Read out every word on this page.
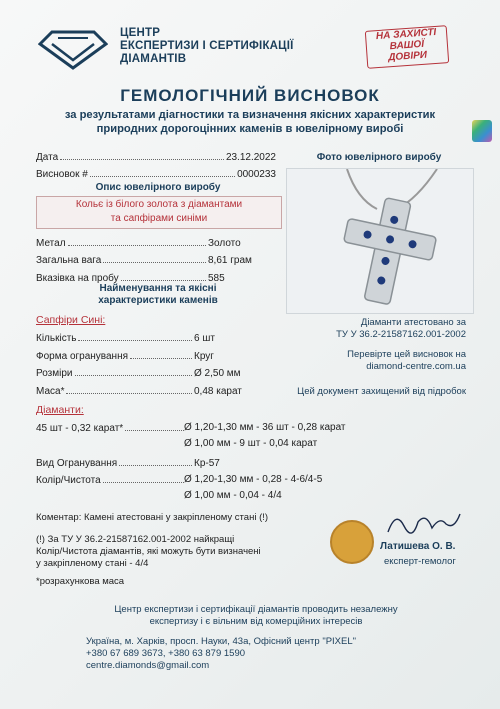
ЦЕНТР
ЕКСПЕРТИЗИ І СЕРТИФІКАЦІЇ
ДІАМАНТІВ
НА ЗАХИСТІ
ВАШОЇ
ДОВІРИ
ГЕМОЛОГІЧНИЙ ВИСНОВОК
за результатами діагностики та визначення якісних характеристик
природних дорогоцінних каменів в ювелірному виробі
Дата	23.12.2022
Висновок #	0000233
Опис ювелірного виробу
Кольє із білого золота з діамантами
та сапфірами синіми
Фото ювелірного виробу
Метал	Золото
Загальна вага	8,61 грам
Вказівка на пробу	585
Найменування та якісні
характеристики каменів
Сапфіри Сині:
Кількість	6 шт
Форма огранування	Круг
Розміри	Ø 2,50 мм
Маса*	0,48 карат
Діаманти атестовано за
ТУ У 36.2-21587162.001-2002
Перевірте цей висновок на
diamond-centre.com.ua
Цей документ захищений від підробок
Діаманти:
45 шт - 0,32 карат*	Ø 1,20-1,30 мм - 36 шт - 0,28 карат
Ø 1,00 мм - 9 шт - 0,04 карат
Вид Огранування	Кр-57
Колір/Чистота	Ø 1,20-1,30 мм - 0,28 - 4-6/4-5
Ø 1,00 мм - 0,04 - 4/4
Коментар: Камені атестовані у закріпленому стані (!)
(!) За ТУ У 36.2-21587162.001-2002 найкращі
Колір/Чистота діамантів, які можуть бути визначені
у закріпленому стані - 4/4
*розрахункова маса
Латишева О. В.
експерт-гемолог
Центр експертизи і сертифікації діамантів проводить незалежну
експертизу і є вільним від комерційних інтересів
Україна, м. Харків, просп. Науки, 43а, Офісний центр "PIXEL"
+380 67 689 3673, +380 63 879 1590
centre.diamonds@gmail.com
